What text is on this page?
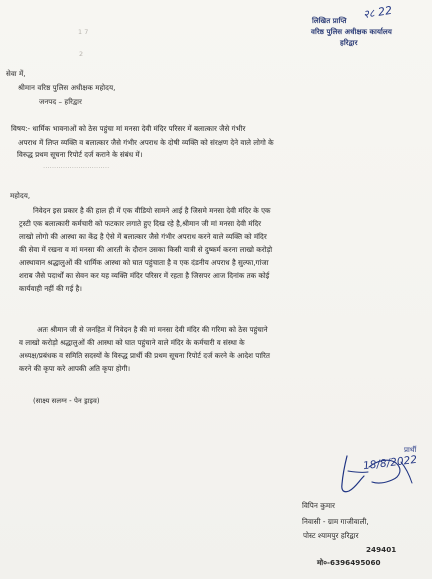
1 7
2
लिखित प्राप्ति
वरिष्ठ पुलिस अधीक्षक कार्यालय
हरिद्वार
२८ 22
सेवा में,
श्रीमान वरिष्ठ पुलिस अधीक्षक महोदय,
जनपद – हरिद्वार
विषय:- धार्मिक भावनाओं को ठेस पहुंचा मां मनसा देवी मंदिर परिसर में बलात्कार जैसे गंभीर
अपराध में लिप्त व्यक्ति व बलात्कार जैसे गंभीर अपराध के दोषी व्यक्ति को संरक्षण देने वाले लोगो के
विरुद्ध प्रथम सूचना रिपोर्ट दर्ज कराने के संबंध में।
..............................
महोदय,
निवेदन इस प्रकार है की हाल ही में एक वीडियो सामने आई है जिसमे मनसा देवी मंदिर के एक
ट्रस्टी एक बलात्कारी कर्मचारी को फटकार लगाते हुए दिख रहे है,श्रीमान जी मां मनसा देवी मंदिर
लाखो लोगो की आस्था का केंद्र है ऐसे में बलात्कार जैसे गंभीर अपराध करने वाले व्यक्ति को मंदिर
की सेवा में रखना व मां मनसा की आरती के दौरान उसका किसी यात्री से दुष्कर्म करना लाखो करोड़ो
आस्थावान श्रद्धालुओं की धार्मिक आस्था को घात पहुंचाता है व एक दंडनीय अपराध है सुल्फा,गांजा
शराब जैसे पदार्थों का सेवन कर यह व्यक्ति मंदिर परिसर में रहता है जिसपर आज दिनांक तक कोई
कार्यवाही नहीं की गई है।
अतः श्रीमान जी से जनहित में निवेदन है की मां मनसा देवी मंदिर की गरिमा को ठेस पहुंचाने
व लाखो करोड़ो श्रद्धालुओं की आस्था को घात पहुंचाने वाले मंदिर के कर्मचारी व संस्था के
अध्यक्ष/प्रबंधक व समिति सदस्यों के विरुद्ध प्रार्थी की प्रथम सूचना रिपोर्ट दर्ज करने के आदेश पारित
करने की कृपा करे आपकी अति कृपा होगी।
(साक्ष्य सलग्न - पेन ड्राइव)
प्रार्थी
18/8/2022
विपिन कुमार
निवासी - ग्राम गाजीवाली,
पोस्ट श्यामपुर हरिद्वार
249401
मो०-6396495060
